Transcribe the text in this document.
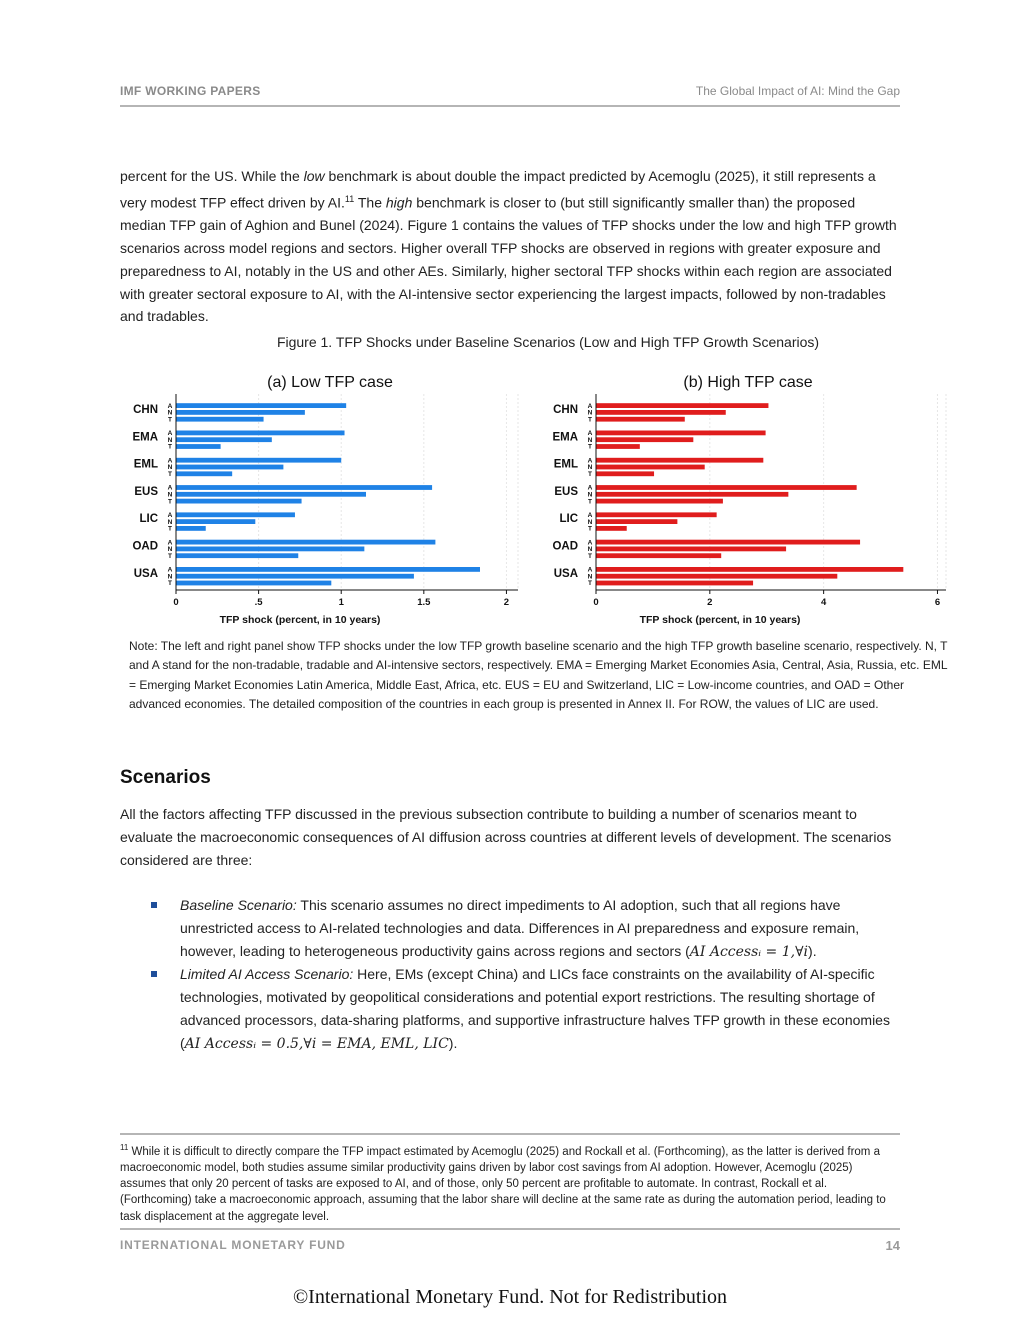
IMF WORKING PAPERS	The Global Impact of AI: Mind the Gap

percent for the US. While the low benchmark is about double the impact predicted by Acemoglu (2025), it still represents a very modest TFP effect driven by AI.$^{11}$ The high benchmark is closer to (but still significantly smaller than) the proposed median TFP gain of Aghion and Bunel (2024). Figure 1 contains the values of TFP shocks under the low and high TFP growth scenarios across model regions and sectors. Higher overall TFP shocks are observed in regions with greater exposure and preparedness to AI, notably in the US and other AEs. Similarly, higher sectoral TFP shocks within each region are associated with greater sectoral exposure to AI, with the AI-intensive sector experiencing the largest impacts, followed by non-tradables and tradables.

Figure 1. TFP Shocks under Baseline Scenarios (Low and High TFP Growth Scenarios)
(a) Low TFP case
CHN A
N
T
EMA A
N
T
EML A
N
T
EUS A
N
T
LIC A
N
T
OAD A
N
T
USA A
N
T
0	.5	1	1.5	2
TFP shock (percent, in 10 years)
(b) High TFP case
CHN A
N
T
EMA A
N
T
EML A
N
T
EUS A
N
T
LIC A
N
T
OAD A
N
T
USA A
N
T
0	2	4	6
TFP shock (percent, in 10 years)

Note: The left and right panel show TFP shocks under the low TFP growth baseline scenario and the high TFP growth baseline scenario, respectively. N, T and A stand for the non-tradable, tradable and AI-intensive sectors, respectively. EMA = Emerging Market Economies Asia, Central, Asia, Russia, etc. EML = Emerging Market Economies Latin America, Middle East, Africa, etc. EUS = EU and Switzerland, LIC = Low-income countries, and OAD = Other advanced economies. The detailed composition of the countries in each group is presented in Annex II. For ROW, the values of LIC are used.

Scenarios

All the factors affecting TFP discussed in the previous subsection contribute to building a number of scenarios meant to evaluate the macroeconomic consequences of AI diffusion across countries at different levels of development. The scenarios considered are three:

Baseline Scenario: This scenario assumes no direct impediments to AI adoption, such that all regions have unrestricted access to AI-related technologies and data. Differences in AI preparedness and exposure remain, however, leading to heterogeneous productivity gains across regions and sectors (AI Accessᵢ = 1,∀i).
Limited AI Access Scenario: Here, EMs (except China) and LICs face constraints on the availability of AI-specific technologies, motivated by geopolitical considerations and potential export restrictions. The resulting shortage of advanced processors, data-sharing platforms, and supportive infrastructure halves TFP growth in these economies (AI Accessᵢ = 0.5,∀i = EMA, EML, LIC).

$^{11}$ While it is difficult to directly compare the TFP impact estimated by Acemoglu (2025) and Rockall et al. (Forthcoming), as the latter is derived from a macroeconomic model, both studies assume similar productivity gains driven by labor cost savings from AI adoption. However, Acemoglu (2025) assumes that only 20 percent of tasks are exposed to AI, and of those, only 50 percent are profitable to automate. In contrast, Rockall et al. (Forthcoming) take a macroeconomic approach, assuming that the labor share will decline at the same rate as during the automation period, leading to task displacement at the aggregate level.

INTERNATIONAL MONETARY FUND	14
©International Monetary Fund. Not for Redistribution
